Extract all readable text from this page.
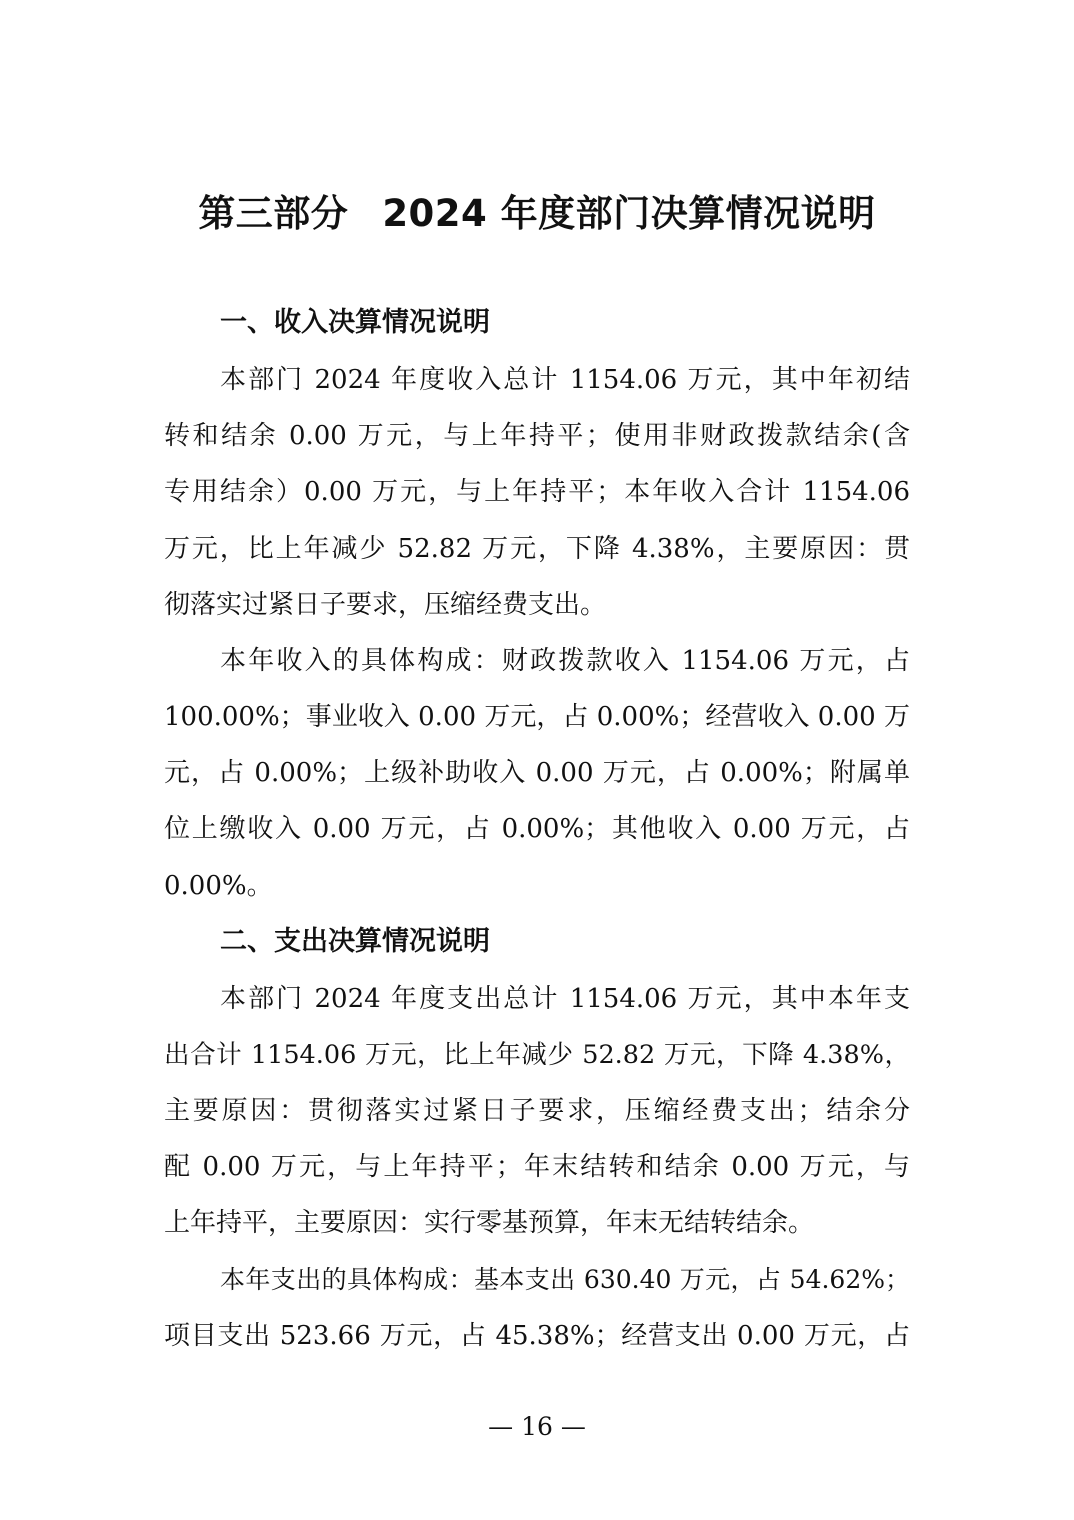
第三部分 2024 年度部门决算情况说明
一、收入决算情况说明
本部门 2024 年度收入总计 1154.06 万元，其中年初结
转和结余 0.00 万元，与上年持平；使用非财政拨款结余(含
专用结余）0.00 万元，与上年持平；本年收入合计 1154.06
万元，比上年减少 52.82 万元，下降 4.38%，主要原因：贯
彻落实过紧日子要求，压缩经费支出。
本年收入的具体构成：财政拨款收入 1154.06 万元，占
100.00%；事业收入 0.00 万元，占 0.00%；经营收入 0.00 万
元，占 0.00%；上级补助收入 0.00 万元，占 0.00%；附属单
位上缴收入 0.00 万元，占 0.00%；其他收入 0.00 万元，占
0.00%。
二、支出决算情况说明
本部门 2024 年度支出总计 1154.06 万元，其中本年支
出合计 1154.06 万元，比上年减少 52.82 万元，下降 4.38%，
主要原因：贯彻落实过紧日子要求，压缩经费支出；结余分
配 0.00 万元，与上年持平；年末结转和结余 0.00 万元，与
上年持平，主要原因：实行零基预算，年末无结转结余。
本年支出的具体构成：基本支出 630.40 万元，占 54.62%；
项目支出 523.66 万元，占 45.38%；经营支出 0.00 万元，占
— 16 —
